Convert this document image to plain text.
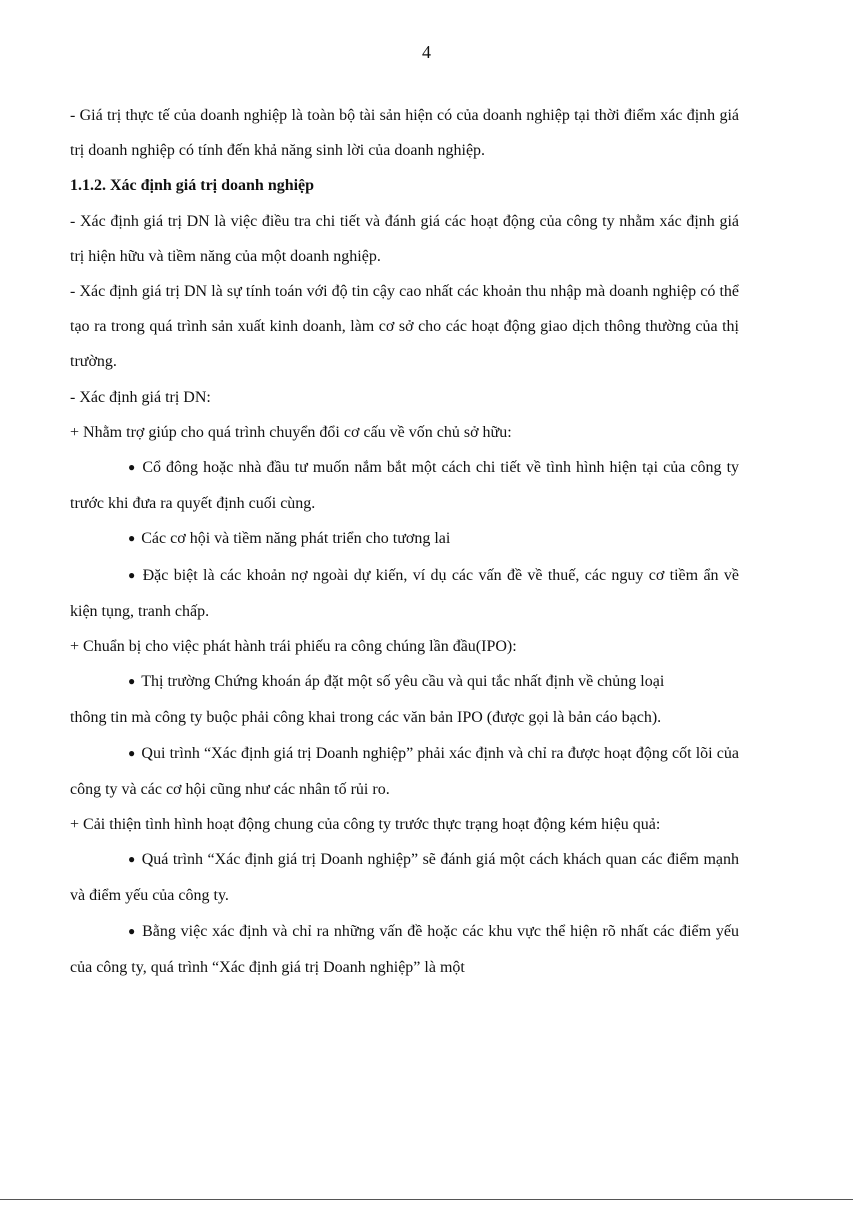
4

- Giá trị thực tế của doanh nghiệp là toàn bộ tài sản hiện có của doanh nghiệp tại thời điểm xác định giá trị doanh nghiệp có tính đến khả năng sinh lời của doanh nghiệp.

1.1.2. Xác định giá trị doanh nghiệp

- Xác định giá trị DN là việc điều tra chi tiết và đánh giá các hoạt động của công ty nhằm xác định giá trị hiện hữu và tiềm năng của một doanh nghiệp.

- Xác định giá trị DN là sự tính toán với độ tin cậy cao nhất các khoản thu nhập mà doanh nghiệp có thể tạo ra trong quá trình sản xuất kinh doanh, làm cơ sở cho các hoạt động giao dịch thông thường của thị trường.

- Xác định giá trị DN:

+ Nhằm trợ giúp cho quá trình chuyển đổi cơ cấu về vốn chủ sở hữu:

● Cổ đông hoặc nhà đầu tư muốn nắm bắt một cách chi tiết về tình hình hiện tại của công ty trước khi đưa ra quyết định cuối cùng.

● Các cơ hội và tiềm năng phát triển cho tương lai

● Đặc biệt là các khoản nợ ngoài dự kiến, ví dụ các vấn đề về thuế, các nguy cơ tiềm ẩn về kiện tụng, tranh chấp.

+ Chuẩn bị cho việc phát hành trái phiếu ra công chúng lần đầu(IPO):

● Thị trường Chứng khoán áp đặt một số yêu cầu và qui tắc nhất định về chủng loại

thông tin mà công ty buộc phải công khai trong các văn bản IPO (được gọi là bản cáo bạch).

● Qui trình “Xác định giá trị Doanh nghiệp” phải xác định và chỉ ra được hoạt động cốt lõi của công ty và các cơ hội cũng như các nhân tố rủi ro.

+ Cải thiện tình hình hoạt động chung của công ty trước thực trạng hoạt động kém hiệu quả:

● Quá trình “Xác định giá trị Doanh nghiệp” sẽ đánh giá một cách khách quan các điểm mạnh và điểm yếu của công ty.

● Bằng việc xác định và chỉ ra những vấn đề hoặc các khu vực thể hiện rõ nhất các điểm yếu của công ty, quá trình “Xác định giá trị Doanh nghiệp” là một
